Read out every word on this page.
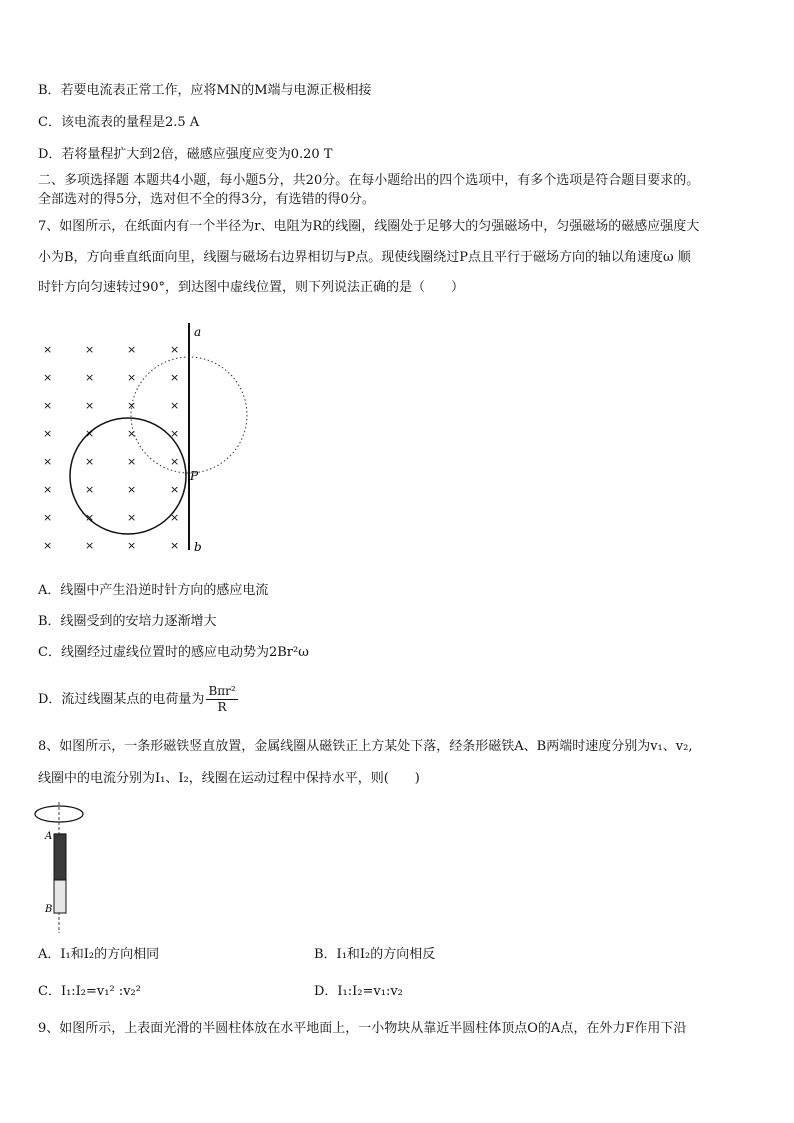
B．若要电流表正常工作，应将MN的M端与电源正极相接
C．该电流表的量程是2.5 A
D．若将量程扩大到2倍，磁感应强度应变为0.20 T
二、多项选择题 本题共4小题，每小题5分，共20分。在每小题给出的四个选项中，有多个选项是符合题目要求的。
全部选对的得5分，选对但不全的得3分，有选错的得0分。
7、如图所示，在纸面内有一个半径为r、电阻为R的线圈，线圈处于足够大的匀强磁场中，匀强磁场的磁感应强度大
小为B，方向垂直纸面向里，线圈与磁场右边界相切与P点。现使线圈绕过P点且平行于磁场方向的轴以角速度ω 顺
时针方向匀速转过90°，到达图中虚线位置，则下列说法正确的是（　　）
×	×	×	×
×	×	×	×
×	×	×	×
×	×	×	×
×	×	×	×
×	×	×	×
×	×	×	×
×	×	×	×
a
P
b
A．线圈中产生沿逆时针方向的感应电流
B．线圈受到的安培力逐渐增大
C．线圈经过虚线位置时的感应电动势为2Br²ω
D．流过线圈某点的电荷量为 $\frac{\text{Bπr²}}{R}$
8、如图所示，一条形磁铁竖直放置，金属线圈从磁铁正上方某处下落，经条形磁铁A、B两端时速度分别为v₁、v₂,
线圈中的电流分别为I₁、I₂，线圈在运动过程中保持水平，则(　　)
A
B
A．I₁和I₂的方向相同	B．I₁和I₂的方向相反
C．I₁:I₂=v₁² :v₂²	D．I₁:I₂=v₁:v₂
9、如图所示，上表面光滑的半圆柱体放在水平地面上，一小物块从靠近半圆柱体顶点O的A点，在外力F作用下沿
